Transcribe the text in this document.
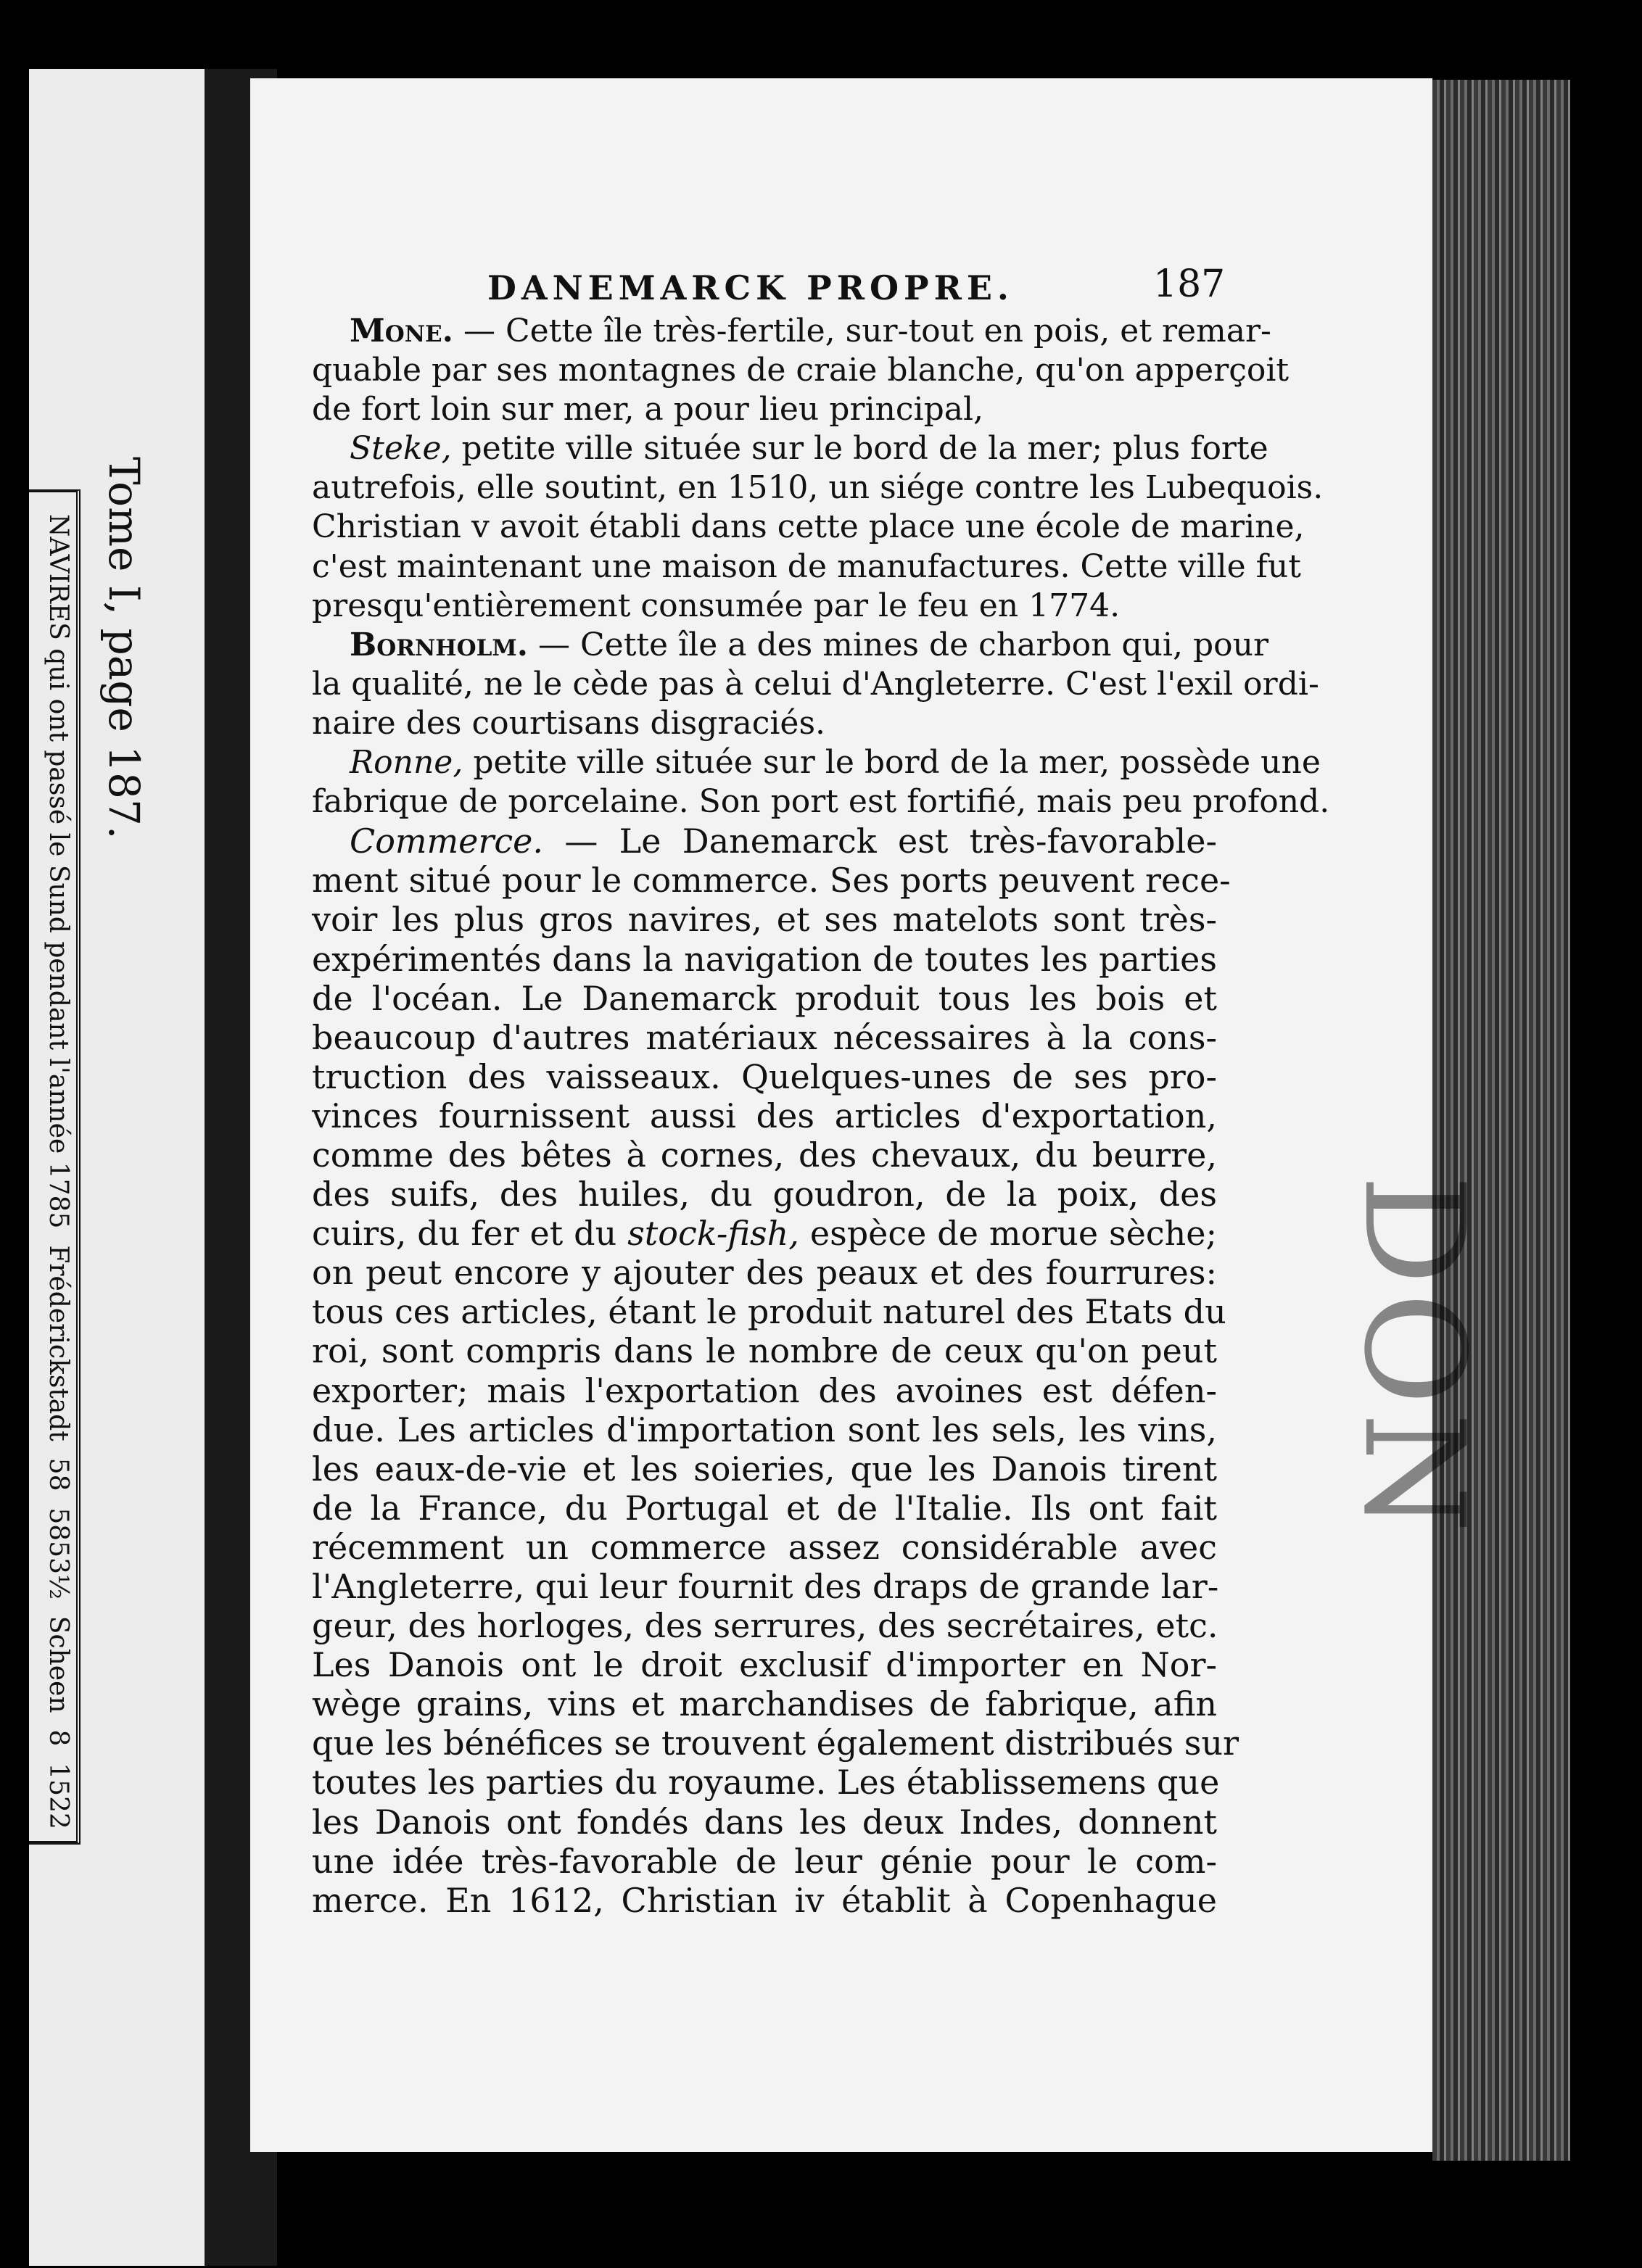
NAVIRES qui ont passé le Sund pendant l'année 1785  Fréderickstadt  58  5853½  Scheen  8  1522
Tome I, page 187.
DANEMARCK PROPRE.	187
Mone. — Cette île très-fertile, sur-tout en pois, et remar-
quable par ses montagnes de craie blanche, qu'on apperçoit
de fort loin sur mer, a pour lieu principal,
Steke, petite ville située sur le bord de la mer; plus forte
autrefois, elle soutint, en 1510, un siége contre les Lubequois.
Christian v avoit établi dans cette place une école de marine,
c'est maintenant une maison de manufactures. Cette ville fut
presqu'entièrement consumée par le feu en 1774.
Bornholm. — Cette île a des mines de charbon qui, pour
la qualité, ne le cède pas à celui d'Angleterre. C'est l'exil ordi-
naire des courtisans disgraciés.
Ronne, petite ville située sur le bord de la mer, possède une
fabrique de porcelaine. Son port est fortifié, mais peu profond.
Commerce. — Le Danemarck est très-favorable-
ment situé pour le commerce. Ses ports peuvent rece-
voir les plus gros navires, et ses matelots sont très-
expérimentés dans la navigation de toutes les parties
de l'océan. Le Danemarck produit tous les bois et
beaucoup d'autres matériaux nécessaires à la cons-
truction des vaisseaux. Quelques-unes de ses pro-
vinces fournissent aussi des articles d'exportation,
comme des bêtes à cornes, des chevaux, du beurre,
des suifs, des huiles, du goudron, de la poix, des
cuirs, du fer et du stock-fish, espèce de morue sèche;
on peut encore y ajouter des peaux et des fourrures:
tous ces articles, étant le produit naturel des Etats du
roi, sont compris dans le nombre de ceux qu'on peut
exporter; mais l'exportation des avoines est défen-
due. Les articles d'importation sont les sels, les vins,
les eaux-de-vie et les soieries, que les Danois tirent
de la France, du Portugal et de l'Italie. Ils ont fait
récemment un commerce assez considérable avec
l'Angleterre, qui leur fournit des draps de grande lar-
geur, des horloges, des serrures, des secrétaires, etc.
Les Danois ont le droit exclusif d'importer en Nor-
wège grains, vins et marchandises de fabrique, afin
que les bénéfices se trouvent également distribués sur
toutes les parties du royaume. Les établissemens que
les Danois ont fondés dans les deux Indes, donnent
une idée très-favorable de leur génie pour le com-
merce. En 1612, Christian iv établit à Copenhague
DON
